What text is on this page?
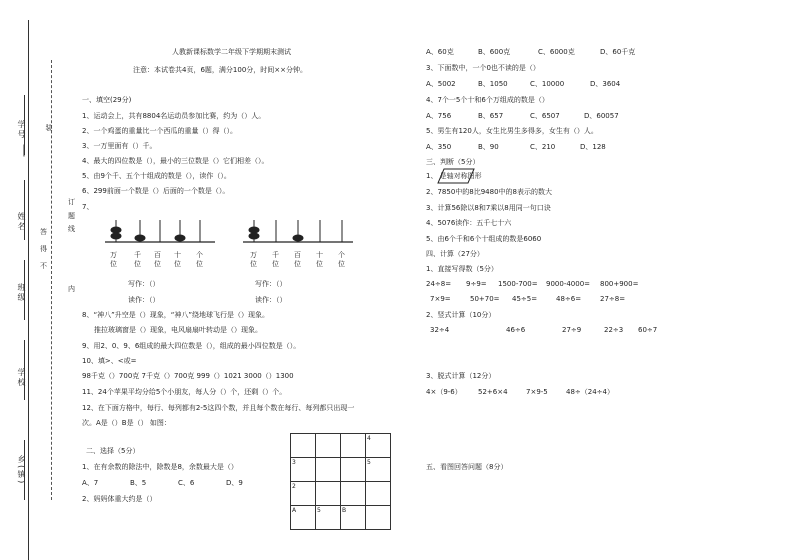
学号
姓名
班级
学校
乡(镇)
装
订
线
内
不
得
答
题
人教新课标数学二年级下学期期末测试
注意：本试卷共4页，6题，满分100分，时间××分钟。
一、填空(29分)
1、运动会上，共有8804名运动员参加比赛，约为（）人。
2、一个鸡蛋的重量比一个西瓜的重量（）得（）。
3、一万里面有（）千。
4、最大的四位数是（），最小的三位数是（）它们相差（）。
5、由9个千、五个十组成的数是（），读作（）。
6、299前面一个数是（）后面的一个数是（）。
7、
万位
千位
百位
十位
个位
万位
千位
百位
十位
个位
写作：（）
读作：（）
写作：（）
读作：（）
8、“神八”升空是（）现象，“神八”绕地球飞行是（）现象。
推拉玻璃窗是（）现象，电风扇扇叶转动是（）现象。
9、用2、0、9、6组成的最大四位数是（），组成的最小四位数是（）。
10、填>、<或=
98千克（）700克 7千克（）700克 999（）1021 3000（）1300
11、24个苹果平均分给5个小朋友，每人分（）个，还剩（）个。
12、在下面方格中，每行、每列都有2-5这四个数，并且每个数在每行、每列都只出现一
次。A是（）B是（） 如图：
			4
3			5
2			
A	5	B	
二、选择（5分）
1、在有余数的除法中，除数是8，余数最大是（）
A、7	B、5	C、6	D、9
2、妈妈体重大约是（）
A、60克	B、600克	C、6000克	D、60千克
3、下面数中，一个0也不读的是（）
A、5002	B、1050	C、10000	D、3604
4、7个一5个十和6个万组成的数是（）
A、756	B、657	C、6507	D、60057
5、男生有120人，女生比男生多得多，女生有（）人。
A、350	B、90	C、210	D、128
三、判断（5分）
1、 是轴对称图形
2、7850中的8比9480中的8表示的数大
3、计算56除以8和7乘以8用同一句口诀
4、5076读作：五千七十六
5、由6个千和6个十组成的数是6060
四、计算（27分）
1、直接写得数（5分）
24÷8= 9÷9= 1500-700= 9000-4000= 800+900=
7×9=	50+70= 45÷5=	48÷6=	27÷8=
2、竖式计算（10分）
32÷4	46÷6	27÷9	22÷3 60÷7
3、脱式计算（12分）
4×（9-6） 52+6×4	7×9-5	48÷（24÷4）
五、看图回答问题（8分）
